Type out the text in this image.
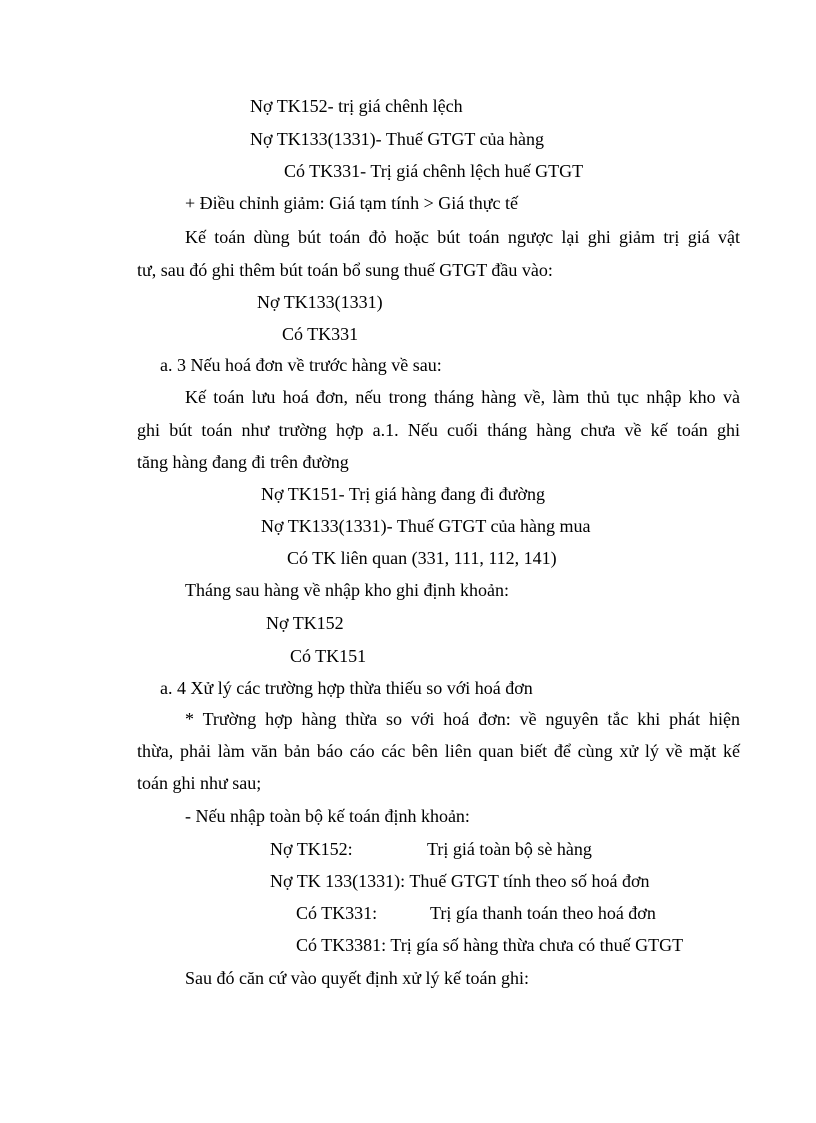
Nợ TK152- trị giá chênh lệch
Nợ TK133(1331)- Thuế GTGT của hàng
Có TK331- Trị giá chênh lệch huế GTGT
+ Điều chỉnh giảm: Giá tạm tính > Giá thực tế
Kế toán dùng bút toán đỏ hoặc bút toán ngược lại ghi giảm trị giá vật
tư, sau đó ghi thêm bút toán bổ sung thuế GTGT đầu vào:
Nợ TK133(1331)
Có TK331
a. 3 Nếu hoá đơn về trước hàng về sau:
Kế toán lưu hoá đơn, nếu trong tháng hàng về, làm thủ tục nhập kho và
ghi bút toán như trường hợp a.1. Nếu cuối tháng hàng chưa về kế toán ghi
tăng hàng đang đi trên đường
Nợ TK151- Trị giá hàng đang đi đường
Nợ TK133(1331)- Thuế GTGT của hàng mua
Có TK liên quan (331, 111, 112, 141)
Tháng sau hàng về nhập kho ghi định khoản:
Nợ TK152
Có TK151
a. 4 Xử lý các trường hợp thừa thiếu so với hoá đơn
* Trường hợp hàng thừa so với hoá đơn: về nguyên tắc khi phát hiện
thừa, phải làm văn bản báo cáo các bên liên quan biết để cùng xử lý về mặt kế
toán ghi như sau;
- Nếu nhập toàn bộ kế toán định khoản:
Nợ TK152:	Trị giá toàn bộ sè hàng
Nợ TK 133(1331): Thuế GTGT tính theo số hoá đơn
Có TK331:	Trị gía thanh toán theo hoá đơn
Có TK3381: Trị gía số hàng thừa chưa có thuế GTGT
Sau đó căn cứ vào quyết định xử lý kế toán ghi:
